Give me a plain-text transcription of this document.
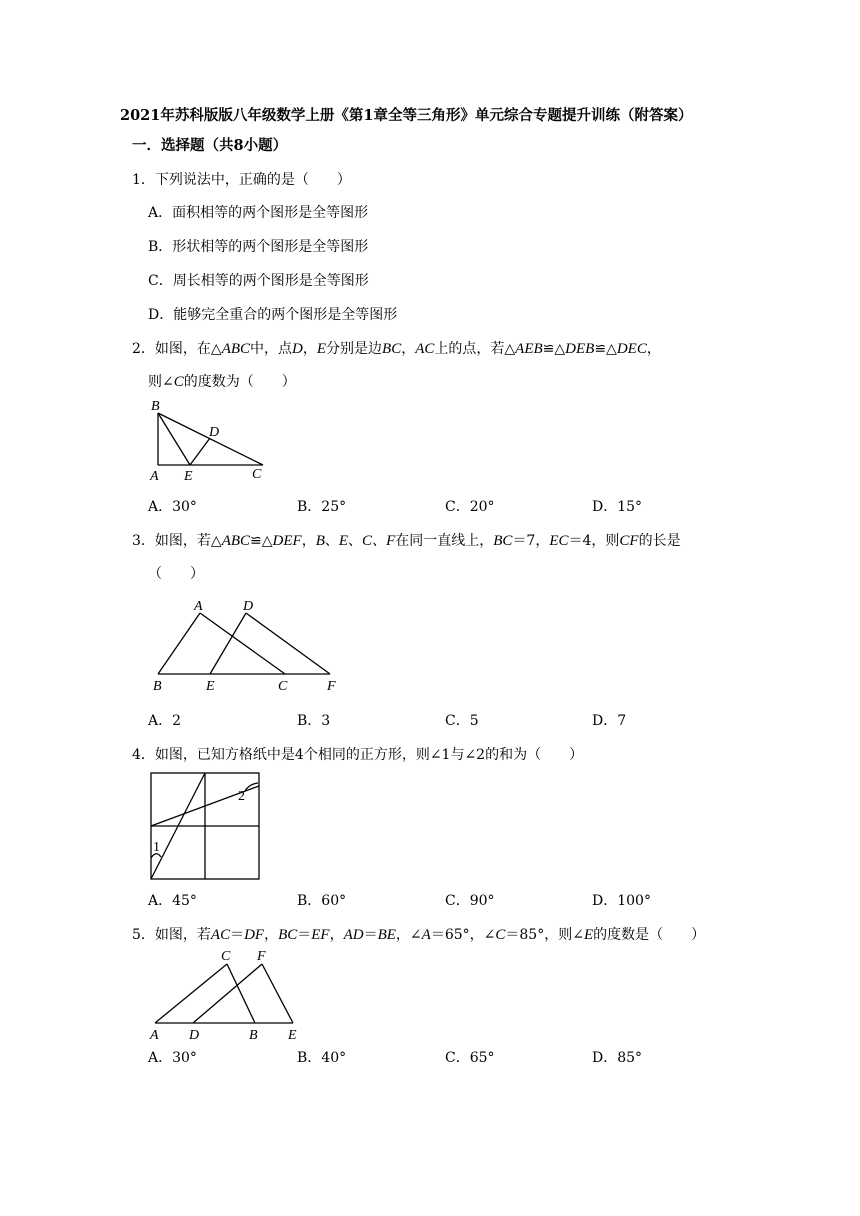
2021年苏科版版八年级数学上册《第1章全等三角形》单元综合专题提升训练（附答案）
一．选择题（共8小题）
1．下列说法中，正确的是（　　）
A．面积相等的两个图形是全等图形
B．形状相等的两个图形是全等图形
C．周长相等的两个图形是全等图形
D．能够完全重合的两个图形是全等图形
2．如图，在△ABC中，点D，E分别是边BC，AC上的点，若△AEB≌△DEB≌△DEC，
则∠C的度数为（　　）
B
D
A E	C
A．30°	B．25°	C．20°	D．15°
3．如图，若△ABC≌△DEF，B、E、C、F在同一直线上，BC＝7，EC＝4，则CF的长是
（　　）
A	D
B	E	C	F
A．2	B．3	C．5	D．7
4．如图，已知方格纸中是4个相同的正方形，则∠1与∠2的和为（　　）
2
1
A．45°	B．60°	C．90°	D．100°
5．如图，若AC＝DF，BC＝EF，AD＝BE，∠A＝65°，∠C＝85°，则∠E的度数是（　　）
C F
A D	B E
A．30°	B．40°	C．65°	D．85°
